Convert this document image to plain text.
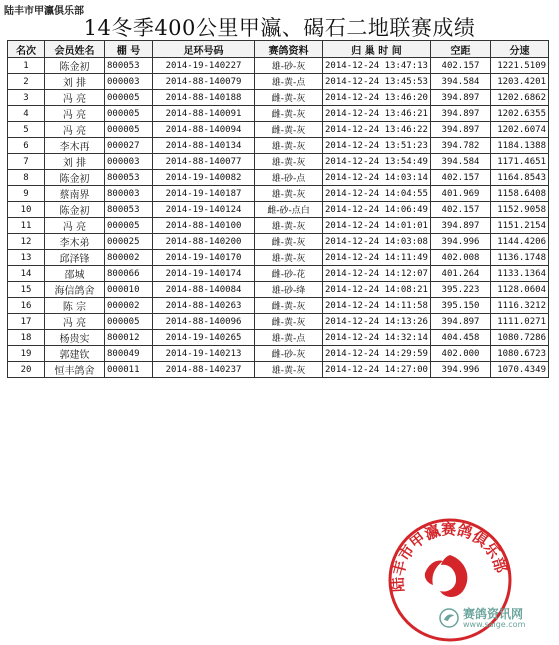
陆丰市甲瀛俱乐部
14冬季400公里甲瀛、碣石二地联赛成绩
名次	会员姓名	棚 号	足环号码	赛鸽资料	归 巢 时 间	空距	分速
1	陈金初	800053	2014-19-140227	雄-砂-灰	2014-12-24 13:47:13	402.157	1221.5109
2	刘 排	000003	2014-88-140079	雄-黄-点	2014-12-24 13:45:53	394.584	1203.4201
3	冯 亮	000005	2014-88-140188	雌-黄-灰	2014-12-24 13:46:20	394.897	1202.6862
4	冯 亮	000005	2014-88-140091	雌-黄-灰	2014-12-24 13:46:21	394.897	1202.6355
5	冯 亮	000005	2014-88-140094	雌-黄-灰	2014-12-24 13:46:22	394.897	1202.6074
6	李木再	000027	2014-88-140134	雄-黄-灰	2014-12-24 13:51:23	394.782	1184.1388
7	刘 排	000003	2014-88-140077	雄-黄-灰	2014-12-24 13:54:49	394.584	1171.4651
8	陈金初	800053	2014-19-140082	雄-砂-点	2014-12-24 14:03:14	402.157	1164.8543
9	蔡南界	800003	2014-19-140187	雄-黄-灰	2014-12-24 14:04:55	401.969	1158.6408
10	陈金初	800053	2014-19-140124	雌-砂-点白	2014-12-24 14:06:49	402.157	1152.9058
11	冯 亮	000005	2014-88-140100	雄-黄-灰	2014-12-24 14:01:01	394.897	1151.2154
12	李木弟	000025	2014-88-140200	雌-黄-灰	2014-12-24 14:03:08	394.996	1144.4206
13	邱泽锋	800002	2014-19-140170	雄-黄-灰	2014-12-24 14:11:49	402.008	1136.1748
14	邵城	800066	2014-19-140174	雌-砂-花	2014-12-24 14:12:07	401.264	1133.1364
15	海信鸽舍	000010	2014-88-140084	雄-砂-绛	2014-12-24 14:08:21	395.223	1128.0604
16	陈 宗	000002	2014-88-140263	雌-黄-灰	2014-12-24 14:11:58	395.150	1116.3212
17	冯 亮	000005	2014-88-140096	雌-黄-灰	2014-12-24 14:13:26	394.897	1111.0271
18	杨贵实	800012	2014-19-140265	雄-黄-点	2014-12-24 14:32:14	404.458	1080.7286
19	郭建钦	800049	2014-19-140213	雌-砂-灰	2014-12-24 14:29:59	402.000	1080.6723
20	恒丰鸽舍	000011	2014-88-140237	雄-黄-灰	2014-12-24 14:27:00	394.996	1070.4349
陆丰市甲瀛赛鸽俱乐部
赛鸽资讯网
www.saige.com
